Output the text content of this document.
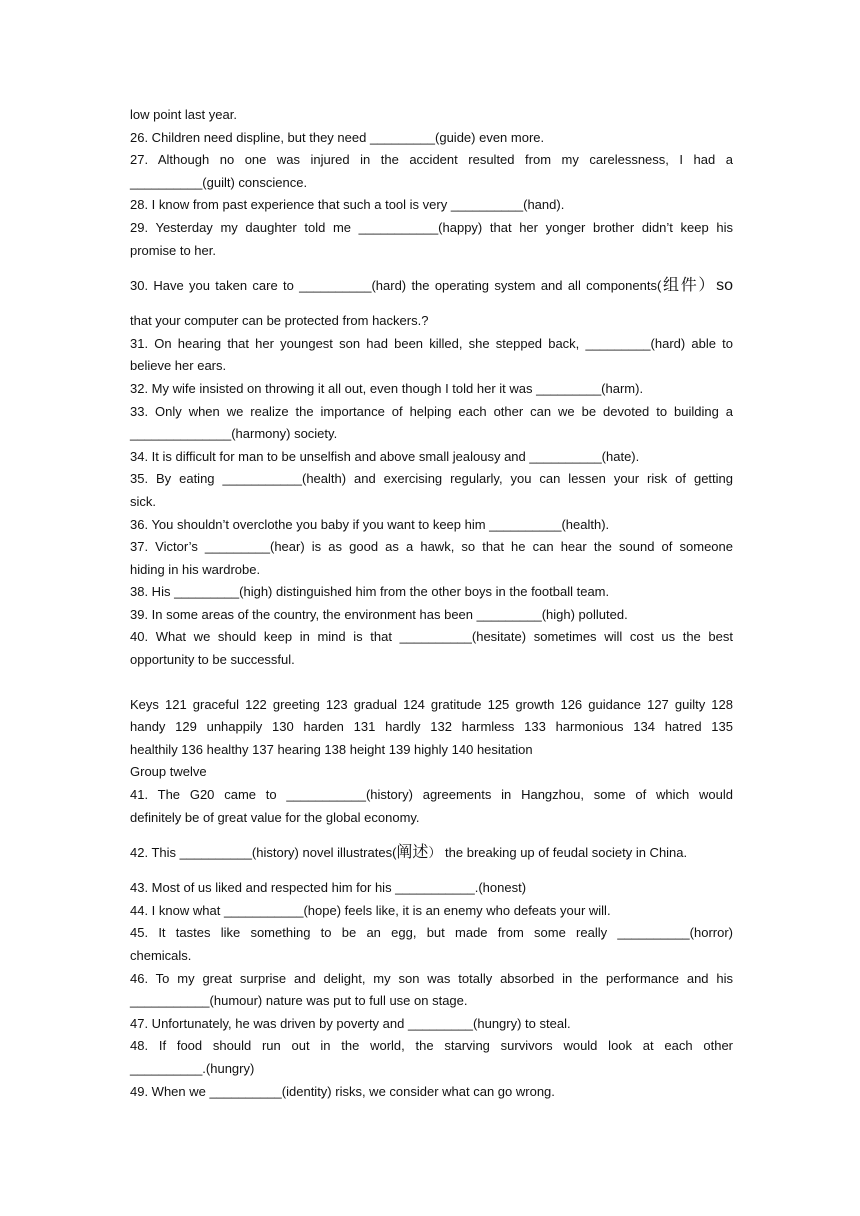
low point last year.
26. Children need displine, but they need _________(guide) even more.
27. Although no one was injured in the accident resulted from my carelessness, I had a
__________(guilt) conscience.
28. I know from past experience that such a tool is very __________(hand).
29. Yesterday my daughter told me ___________(happy) that her yonger brother didn’t keep his
promise to her.
30. Have you taken care to __________(hard) the operating system and all components(组件）so
that your computer can be protected from hackers.?
31. On hearing that her youngest son had been killed, she stepped back, _________(hard) able to
believe her ears.
32. My wife insisted on throwing it all out, even though I told her it was _________(harm).
33. Only when we realize the importance of helping each other can we be devoted to building a
______________(harmony) society.
34. It is difficult for man to be unselfish and above small jealousy and __________(hate).
35. By eating ___________(health) and exercising regularly, you can lessen your risk of getting
sick.
36. You shouldn’t overclothe you baby if you want to keep him __________(health).
37. Victor’s _________(hear) is as good as a hawk, so that he can hear the sound of someone
hiding in his wardrobe.
38. His _________(high) distinguished him from the other boys in the football team.
39. In some areas of the country, the environment has been _________(high) polluted.
40. What we should keep in mind is that __________(hesitate) sometimes will cost us the best
opportunity to be successful.
Keys 121 graceful 122 greeting 123 gradual 124 gratitude 125 growth 126 guidance 127 guilty 128
handy 129 unhappily 130 harden 131 hardly 132 harmless 133 harmonious 134 hatred 135
healthily 136 healthy 137 hearing 138 height 139 highly 140 hesitation
Group twelve
41. The G20 came to ___________(history) agreements in Hangzhou, some of which would
definitely be of great value for the global economy.
42. This __________(history) novel illustrates(阐述） the breaking up of feudal society in China.
43. Most of us liked and respected him for his ___________.(honest)
44. I know what ___________(hope) feels like, it is an enemy who defeats your will.
45. It tastes like something to be an egg, but made from some really __________(horror)
chemicals.
46. To my great surprise and delight, my son was totally absorbed in the performance and his
___________(humour) nature was put to full use on stage.
47. Unfortunately, he was driven by poverty and _________(hungry) to steal.
48. If food should run out in the world, the starving survivors would look at each other
__________.(hungry)
49. When we __________(identity) risks, we consider what can go wrong.
